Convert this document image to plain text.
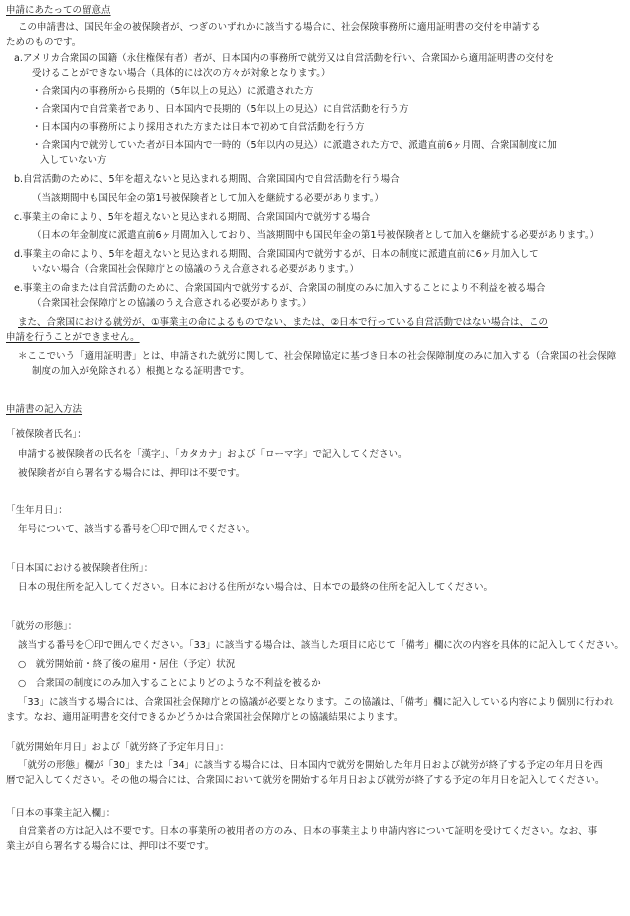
申請にあたっての留意点
この申請書は、国民年金の被保険者が、つぎのいずれかに該当する場合に、社会保険事務所に適用証明書の交付を申請する
ためのものです。
a.アメリカ合衆国の国籍（永住権保有者）者が、日本国内の事務所で就労又は自営活動を行い、合衆国から適用証明書の交付を
受けることができない場合（具体的には次の方々が対象となります。）
・合衆国内の事務所から長期的（5年以上の見込）に派遣された方
・合衆国内で自営業者であり、日本国内で長期的（5年以上の見込）に自営活動を行う方
・日本国内の事務所により採用された方または日本で初めて自営活動を行う方
・合衆国内で就労していた者が日本国内で一時的（5年以内の見込）に派遣された方で、派遣直前6ヶ月間、合衆国制度に加
入していない方
b.自営活動のために、5年を超えないと見込まれる期間、合衆国国内で自営活動を行う場合
（当該期間中も国民年金の第1号被保険者として加入を継続する必要があります。）
c.事業主の命により、5年を超えないと見込まれる期間、合衆国国内で就労する場合
（日本の年金制度に派遣直前6ヶ月間加入しており、当該期間中も国民年金の第1号被保険者として加入を継続する必要があります。）
d.事業主の命により、5年を超えないと見込まれる期間、合衆国国内で就労するが、日本の制度に派遣直前に6ヶ月加入して
いない場合（合衆国社会保障庁との協議のうえ合意される必要があります。）
e.事業主の命または自営活動のために、合衆国国内で就労するが、合衆国の制度のみに加入することにより不利益を被る場合
（合衆国社会保障庁との協議のうえ合意される必要があります。）
また、合衆国における就労が、①事業主の命によるものでない、または、②日本で行っている自営活動ではない場合は、この
申請を行うことができません。
＊ここでいう「適用証明書」とは、申請された就労に関して、社会保障協定に基づき日本の社会保障制度のみに加入する（合衆国の社会保障
制度の加入が免除される）根拠となる証明書です。
申請書の記入方法
「被保険者氏名」：
申請する被保険者の氏名を「漢字」、「カタカナ」および「ローマ字」で記入してください。
被保険者が自ら署名する場合には、押印は不要です。
「生年月日」：
年号について、該当する番号を〇印で囲んでください。
「日本国における被保険者住所」：
日本の現住所を記入してください。日本における住所がない場合は、日本での最終の住所を記入してください。
「就労の形態」：
該当する番号を〇印で囲んでください。「33」に該当する場合は、該当した項目に応じて「備考」欄に次の内容を具体的に記入してください。
○　就労開始前・終了後の雇用・居住（予定）状況
○　合衆国の制度にのみ加入することによりどのような不利益を被るか
「33」に該当する場合には、合衆国社会保障庁との協議が必要となります。この協議は、「備考」欄に記入している内容により個別に行われ
ます。なお、適用証明書を交付できるかどうかは合衆国社会保障庁との協議結果によります。
「就労開始年月日」および「就労終了予定年月日」：
「就労の形態」欄が「30」または「34」に該当する場合には、日本国内で就労を開始した年月日および就労が終了する予定の年月日を西
暦で記入してください。その他の場合には、合衆国において就労を開始する年月日および就労が終了する予定の年月日を記入してください。
「日本の事業主記入欄」：
自営業者の方は記入は不要です。日本の事業所の被用者の方のみ、日本の事業主より申請内容について証明を受けてください。なお、事
業主が自ら署名する場合には、押印は不要です。
